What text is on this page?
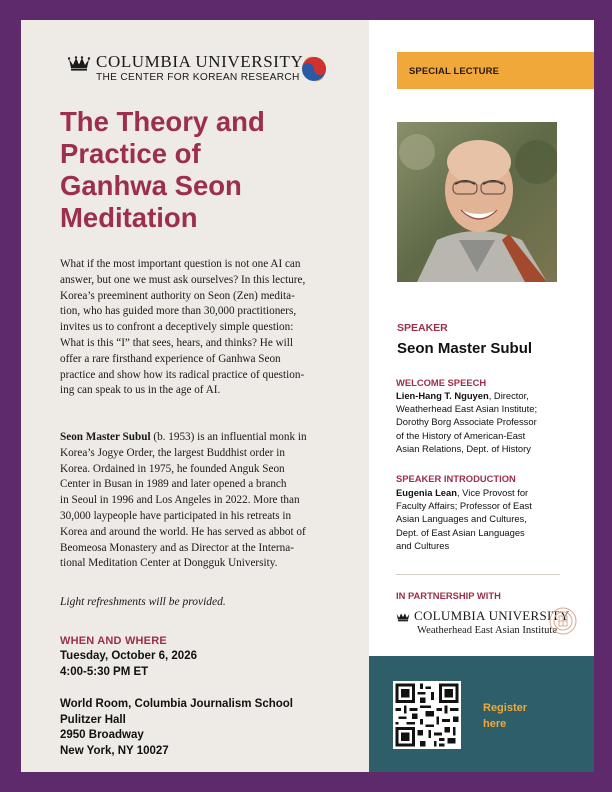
COLUMBIA UNIVERSITY
THE CENTER FOR KOREAN RESEARCH
The Theory and
Practice of
Ganhwa Seon
Meditation
What if the most important question is not one AI can
answer, but one we must ask ourselves? In this lecture,
Korea’s preeminent authority on Seon (Zen) medita-
tion, who has guided more than 30,000 practitioners,
invites us to confront a deceptively simple question:
What is this “I” that sees, hears, and thinks? He will
offer a rare firsthand experience of Ganhwa Seon
practice and show how its radical practice of question-
ing can speak to us in the age of AI.
Seon Master Subul (b. 1953) is an influential monk in
Korea’s Jogye Order, the largest Buddhist order in
Korea. Ordained in 1975, he founded Anguk Seon
Center in Busan in 1989 and later opened a branch
in Seoul in 1996 and Los Angeles in 2022. More than
30,000 laypeople have participated in his retreats in
Korea and around the world. He has served as abbot of
Beomeosa Monastery and as Director at the Interna-
tional Meditation Center at Dongguk University.
Light refreshments will be provided.
WHEN AND WHERE
Tuesday, October 6, 2026
4:00-5:30 PM ET
World Room, Columbia Journalism School
Pulitzer Hall
2950 Broadway
New York, NY 10027
SPECIAL LECTURE
SPEAKER
Seon Master Subul
WELCOME SPEECH
Lien-Hang T. Nguyen, Director,
Weatherhead East Asian Institute;
Dorothy Borg Associate Professor
of the History of American-East
Asian Relations, Dept. of History
SPEAKER INTRODUCTION
Eugenia Lean, Vice Provost for
Faculty Affairs; Professor of East
Asian Languages and Cultures,
Dept. of East Asian Languages
and Cultures
IN PARTNERSHIP WITH
COLUMBIA UNIVERSITY
Weatherhead East Asian Institute
Register
here
